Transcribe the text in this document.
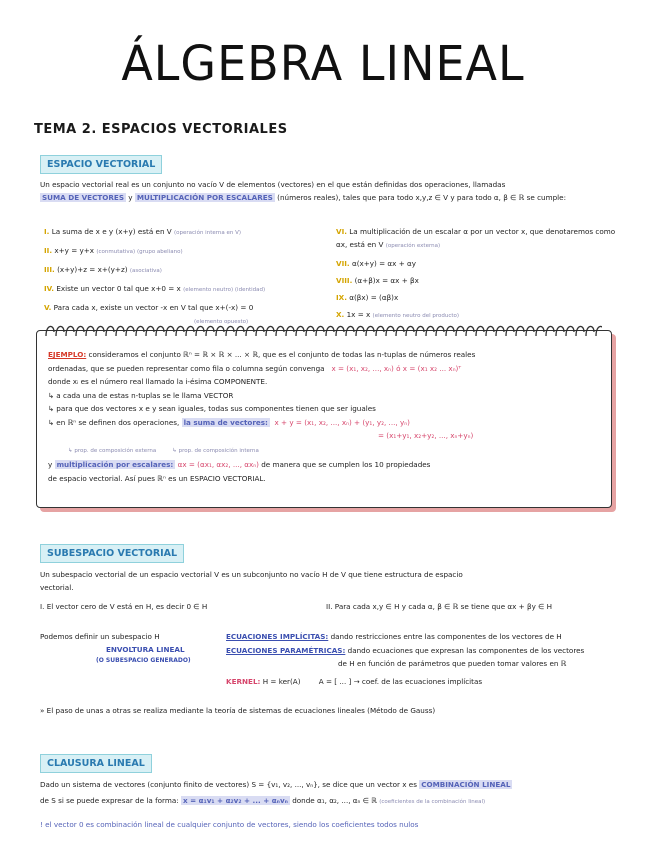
ÁLGEBRA LINEAL
TEMA 2. ESPACIOS VECTORIALES
ESPACIO VECTORIAL
Un espacio vectorial real es un conjunto no vacío V de elementos (vectores) en el que están definidas dos operaciones, llamadas
SUMA DE VECTORES y MULTIPLICACIÓN POR ESCALARES (números reales), tales que para todo x,y,z ∈ V y para todo α, β ∈ ℝ se cumple:
I. La suma de x e y (x+y) está en V (operación interna en V)
II. x+y = y+x (conmutativa) (grupo abeliano)
III. (x+y)+z = x+(y+z) (asociativa)
IV. Existe un vector 0 tal que x+0 = x (elemento neutro) (identidad)
V. Para cada x, existe un vector -x en V tal que x+(-x) = 0
(elemento opuesto)
VI. La multiplicación de un escalar α por un vector x, que denotaremos como αx, está en V (operación externa)
VII. α(x+y) = αx + αy
VIII. (α+β)x = αx + βx
IX. α(βx) = (αβ)x
X. 1x = x (elemento neutro del producto)
EJEMPLO: consideramos el conjunto ℝⁿ = ℝ × ℝ × ... × ℝ, que es el conjunto de todas las n-tuplas de números reales
ordenadas, que se pueden representar como fila o columna según convenga x = (x₁, x₂, ..., xₙ) ó x = (x₁ x₂ ... xₙ)ᵀ
donde xᵢ es el número real llamado la i-ésima COMPONENTE.
↳ a cada una de estas n-tuplas se le llama VECTOR
↳ para que dos vectores x e y sean iguales, todas sus componentes tienen que ser iguales
↳ en ℝⁿ se definen dos operaciones, la suma de vectores: x + y = (x₁, x₂, ..., xₙ) + (y₁, y₂, ..., yₙ)
= (x₁+y₁, x₂+y₂, ..., xₙ+yₙ)
↳ prop. de composición externa	↳ prop. de composición interna
y multiplicación por escalares: αx = (αx₁, αx₂, ..., αxₙ) de manera que se cumplen los 10 propiedades
de espacio vectorial. Así pues ℝⁿ es un ESPACIO VECTORIAL.
SUBESPACIO VECTORIAL
Un subespacio vectorial de un espacio vectorial V es un subconjunto no vacío H de V que tiene estructura de espacio
vectorial.
I. El vector cero de V está en H, es decir 0 ∈ H	II. Para cada x,y ∈ H y cada α, β ∈ ℝ se tiene que αx + βy ∈ H
Podemos definir un subespacio H
ENVOLTURA LINEAL
(O SUBESPACIO GENERADO)
ECUACIONES IMPLÍCITAS: dando restricciones entre las componentes de los vectores de H
ECUACIONES PARAMÉTRICAS: dando ecuaciones que expresan las componentes de los vectores
de H en función de parámetros que pueden tomar valores en ℝ
KERNEL: H = ker(A)	A = [ ... ] → coef. de las ecuaciones implícitas
» El paso de unas a otras se realiza mediante la teoría de sistemas de ecuaciones lineales (Método de Gauss)
CLAUSURA LINEAL
Dado un sistema de vectores (conjunto finito de vectores) S = {v₁, v₂, ..., vₙ}, se dice que un vector x es COMBINACIÓN LINEAL
de S si se puede expresar de la forma: x = α₁v₁ + α₂v₂ + ... + αₙvₙ donde α₁, α₂, ..., αₙ ∈ ℝ (coeficientes de la combinación lineal)
! el vector 0 es combinación lineal de cualquier conjunto de vectores, siendo los coeficientes todos nulos
